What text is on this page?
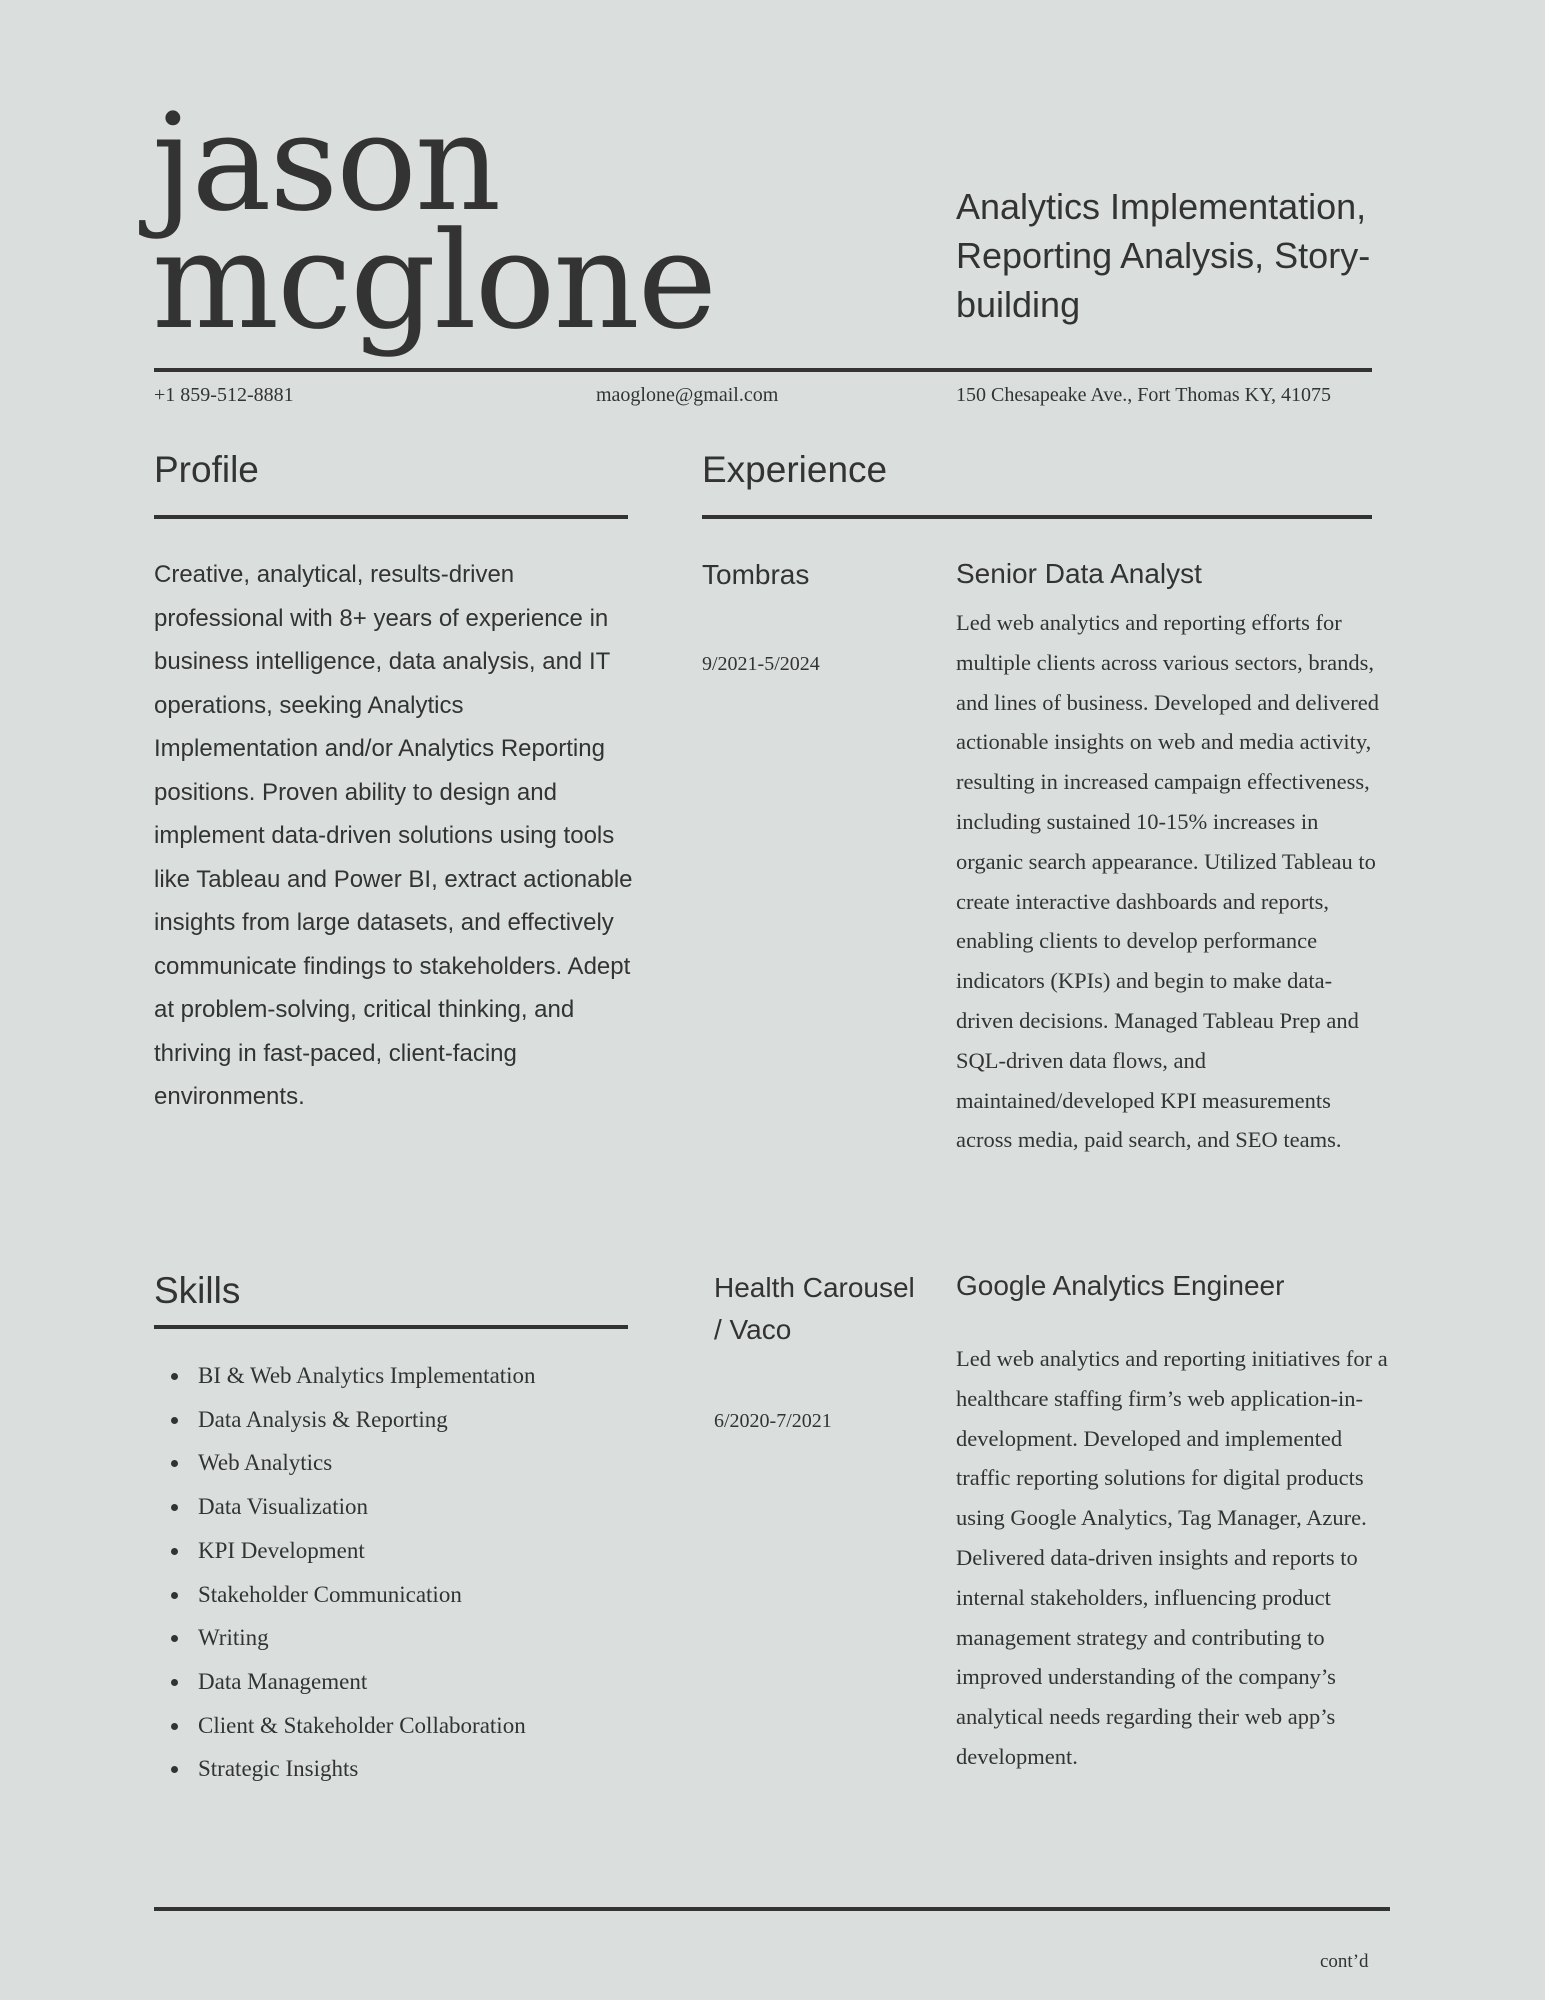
jason
mcglone	Analytics Implementation, Reporting Analysis, Story-building
+1 859-512-8881	maoglone@gmail.com	150 Chesapeake Ave., Fort Thomas KY, 41075
Profile

Creative, analytical, results-driven professional with 8+ years of experience in business intelligence, data analysis, and IT operations, seeking Analytics Implementation and/or Analytics Reporting positions. Proven ability to design and implement data-driven solutions using tools like Tableau and Power BI, extract actionable insights from large datasets, and effectively communicate findings to stakeholders. Adept at problem-solving, critical thinking, and thriving in fast-paced, client-facing environments.

Skills
BI & Web Analytics Implementation
Data Analysis & Reporting
Web Analytics
Data Visualization
KPI Development
Stakeholder Communication
Writing
Data Management
Client & Stakeholder Collaboration
Strategic Insights
Experience
Tombras
9/2021-5/2024
Senior Data Analyst

Led web analytics and reporting efforts for multiple clients across various sectors, brands, and lines of business. Developed and delivered actionable insights on web and media activity, resulting in increased campaign effectiveness, including sustained 10-15% increases in organic search appearance. Utilized Tableau to create interactive dashboards and reports, enabling clients to develop performance indicators (KPIs) and begin to make data-driven decisions. Managed Tableau Prep and SQL-driven data flows, and maintained/developed KPI measurements across media, paid search, and SEO teams.

Health Carousel / Vaco
6/2020-7/2021
Google Analytics Engineer

Led web analytics and reporting initiatives for a healthcare staffing firm’s web application-in-development. Developed and implemented traffic reporting solutions for digital products using Google Analytics, Tag Manager, Azure. Delivered data-driven insights and reports to internal stakeholders, influencing product management strategy and contributing to improved understanding of the company’s analytical needs regarding their web app’s development.

cont’d
